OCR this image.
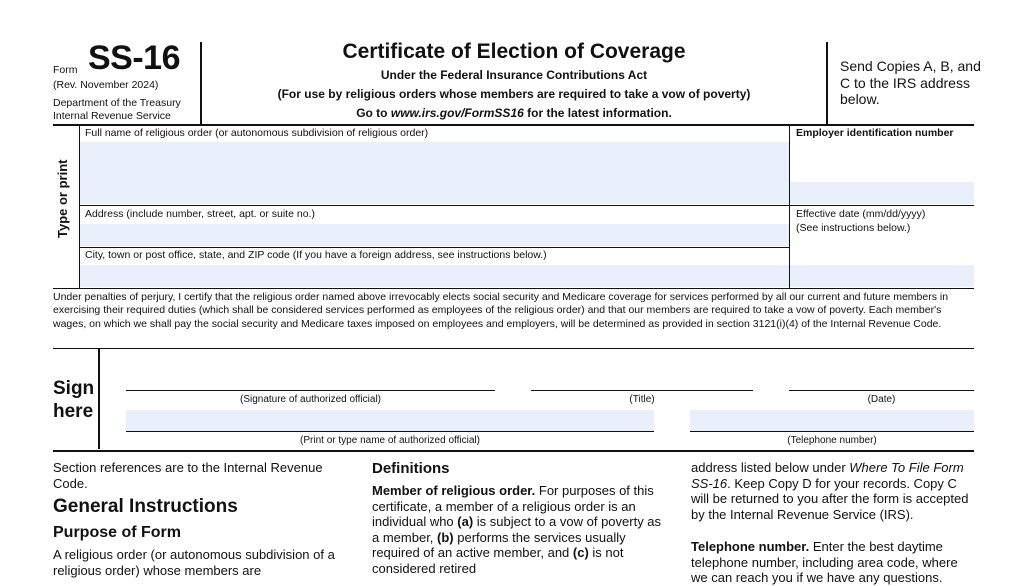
Form SS-16
(Rev. November 2024)
Department of the Treasury
Internal Revenue Service
Certificate of Election of Coverage
Under the Federal Insurance Contributions Act
(For use by religious orders whose members are required to take a vow of poverty)
Go to www.irs.gov/FormSS16 for the latest information.
Send Copies A, B, and C to the IRS address below.
Type or print
Full name of religious order (or autonomous subdivision of religious order)	Employer identification number
Address (include number, street, apt. or suite no.)	Effective date (mm/dd/yyyy)
(See instructions below.)
City, town or post office, state, and ZIP code (If you have a foreign address, see instructions below.)
Under penalties of perjury, I certify that the religious order named above irrevocably elects social security and Medicare coverage for services performed by all our current and future members in exercising their required duties (which shall be considered services performed as employees of the religious order) and that our members are required to take a vow of poverty. Each member's wages, on which we shall pay the social security and Medicare taxes imposed on employees and employers, will be determined as provided in section 3121(i)(4) of the Internal Revenue Code.
Sign
here
(Signature of authorized official)	(Title)	(Date)
(Print or type name of authorized official)	(Telephone number)
Section references are to the Internal Revenue Code.
General Instructions
Purpose of Form
A religious order (or autonomous subdivision of a religious order) whose members are
Definitions
Member of religious order. For purposes of this certificate, a member of a religious order is an individual who (a) is subject to a vow of poverty as a member, (b) performs the services usually required of an active member, and (c) is not considered retired
address listed below under Where To File Form SS-16. Keep Copy D for your records. Copy C will be returned to you after the form is accepted by the Internal Revenue Service (IRS).
Telephone number. Enter the best daytime telephone number, including area code, where we can reach you if we have any questions.
